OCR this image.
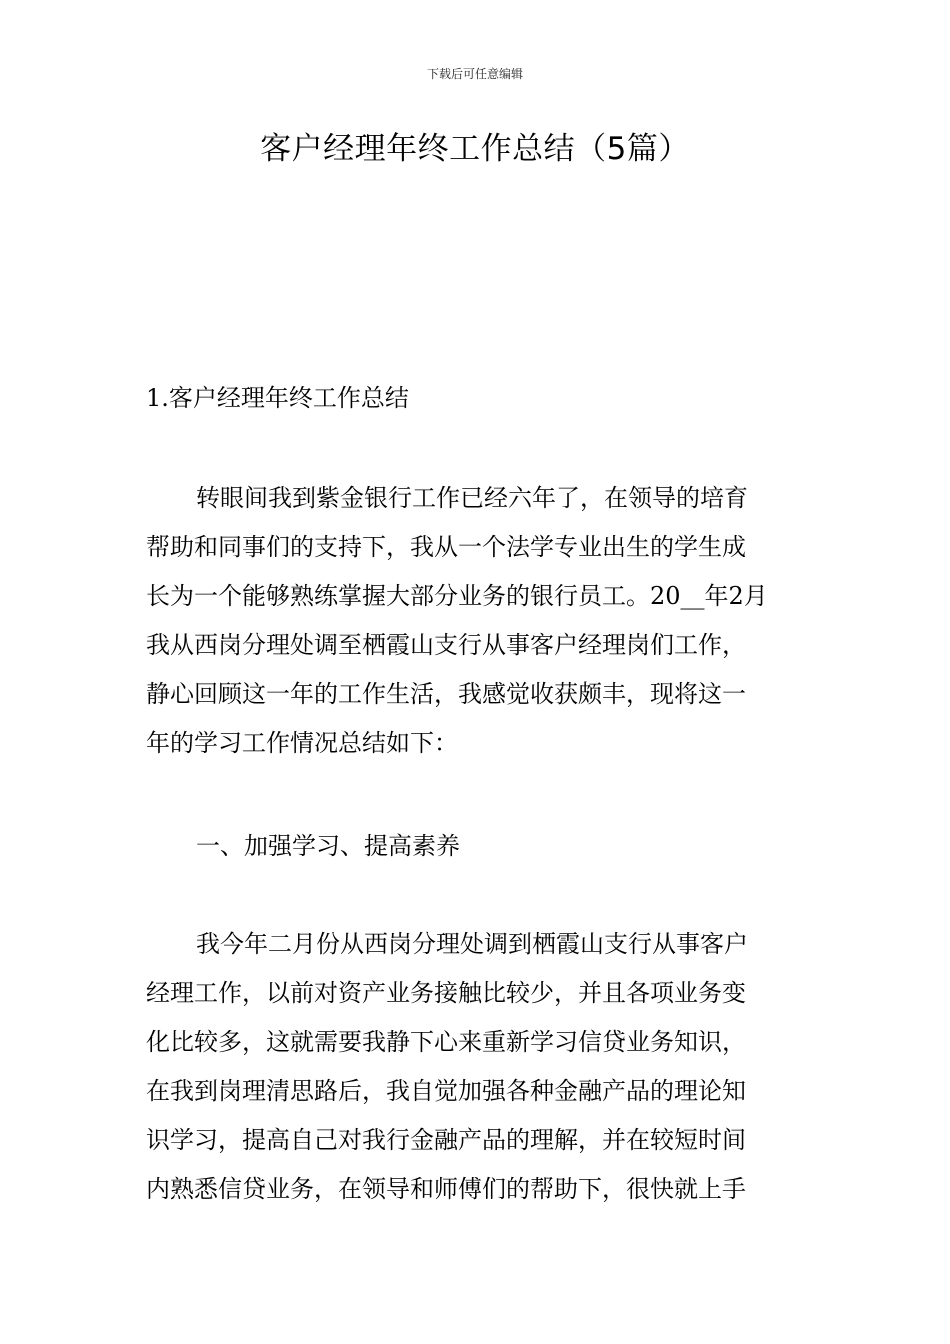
下载后可任意编辑
客户经理年终工作总结（5篇）
1.客户经理年终工作总结
转眼间我到紫金银行工作已经六年了，在领导的培育
帮助和同事们的支持下，我从一个法学专业出生的学生成
长为一个能够熟练掌握大部分业务的银行员工。20__年2月
我从西岗分理处调至栖霞山支行从事客户经理岗们工作，
静心回顾这一年的工作生活，我感觉收获颇丰，现将这一
年的学习工作情况总结如下：
一、加强学习、提高素养
我今年二月份从西岗分理处调到栖霞山支行从事客户
经理工作，以前对资产业务接触比较少，并且各项业务变
化比较多，这就需要我静下心来重新学习信贷业务知识，
在我到岗理清思路后，我自觉加强各种金融产品的理论知
识学习，提高自己对我行金融产品的理解，并在较短时间
内熟悉信贷业务，在领导和师傅们的帮助下，很快就上手
